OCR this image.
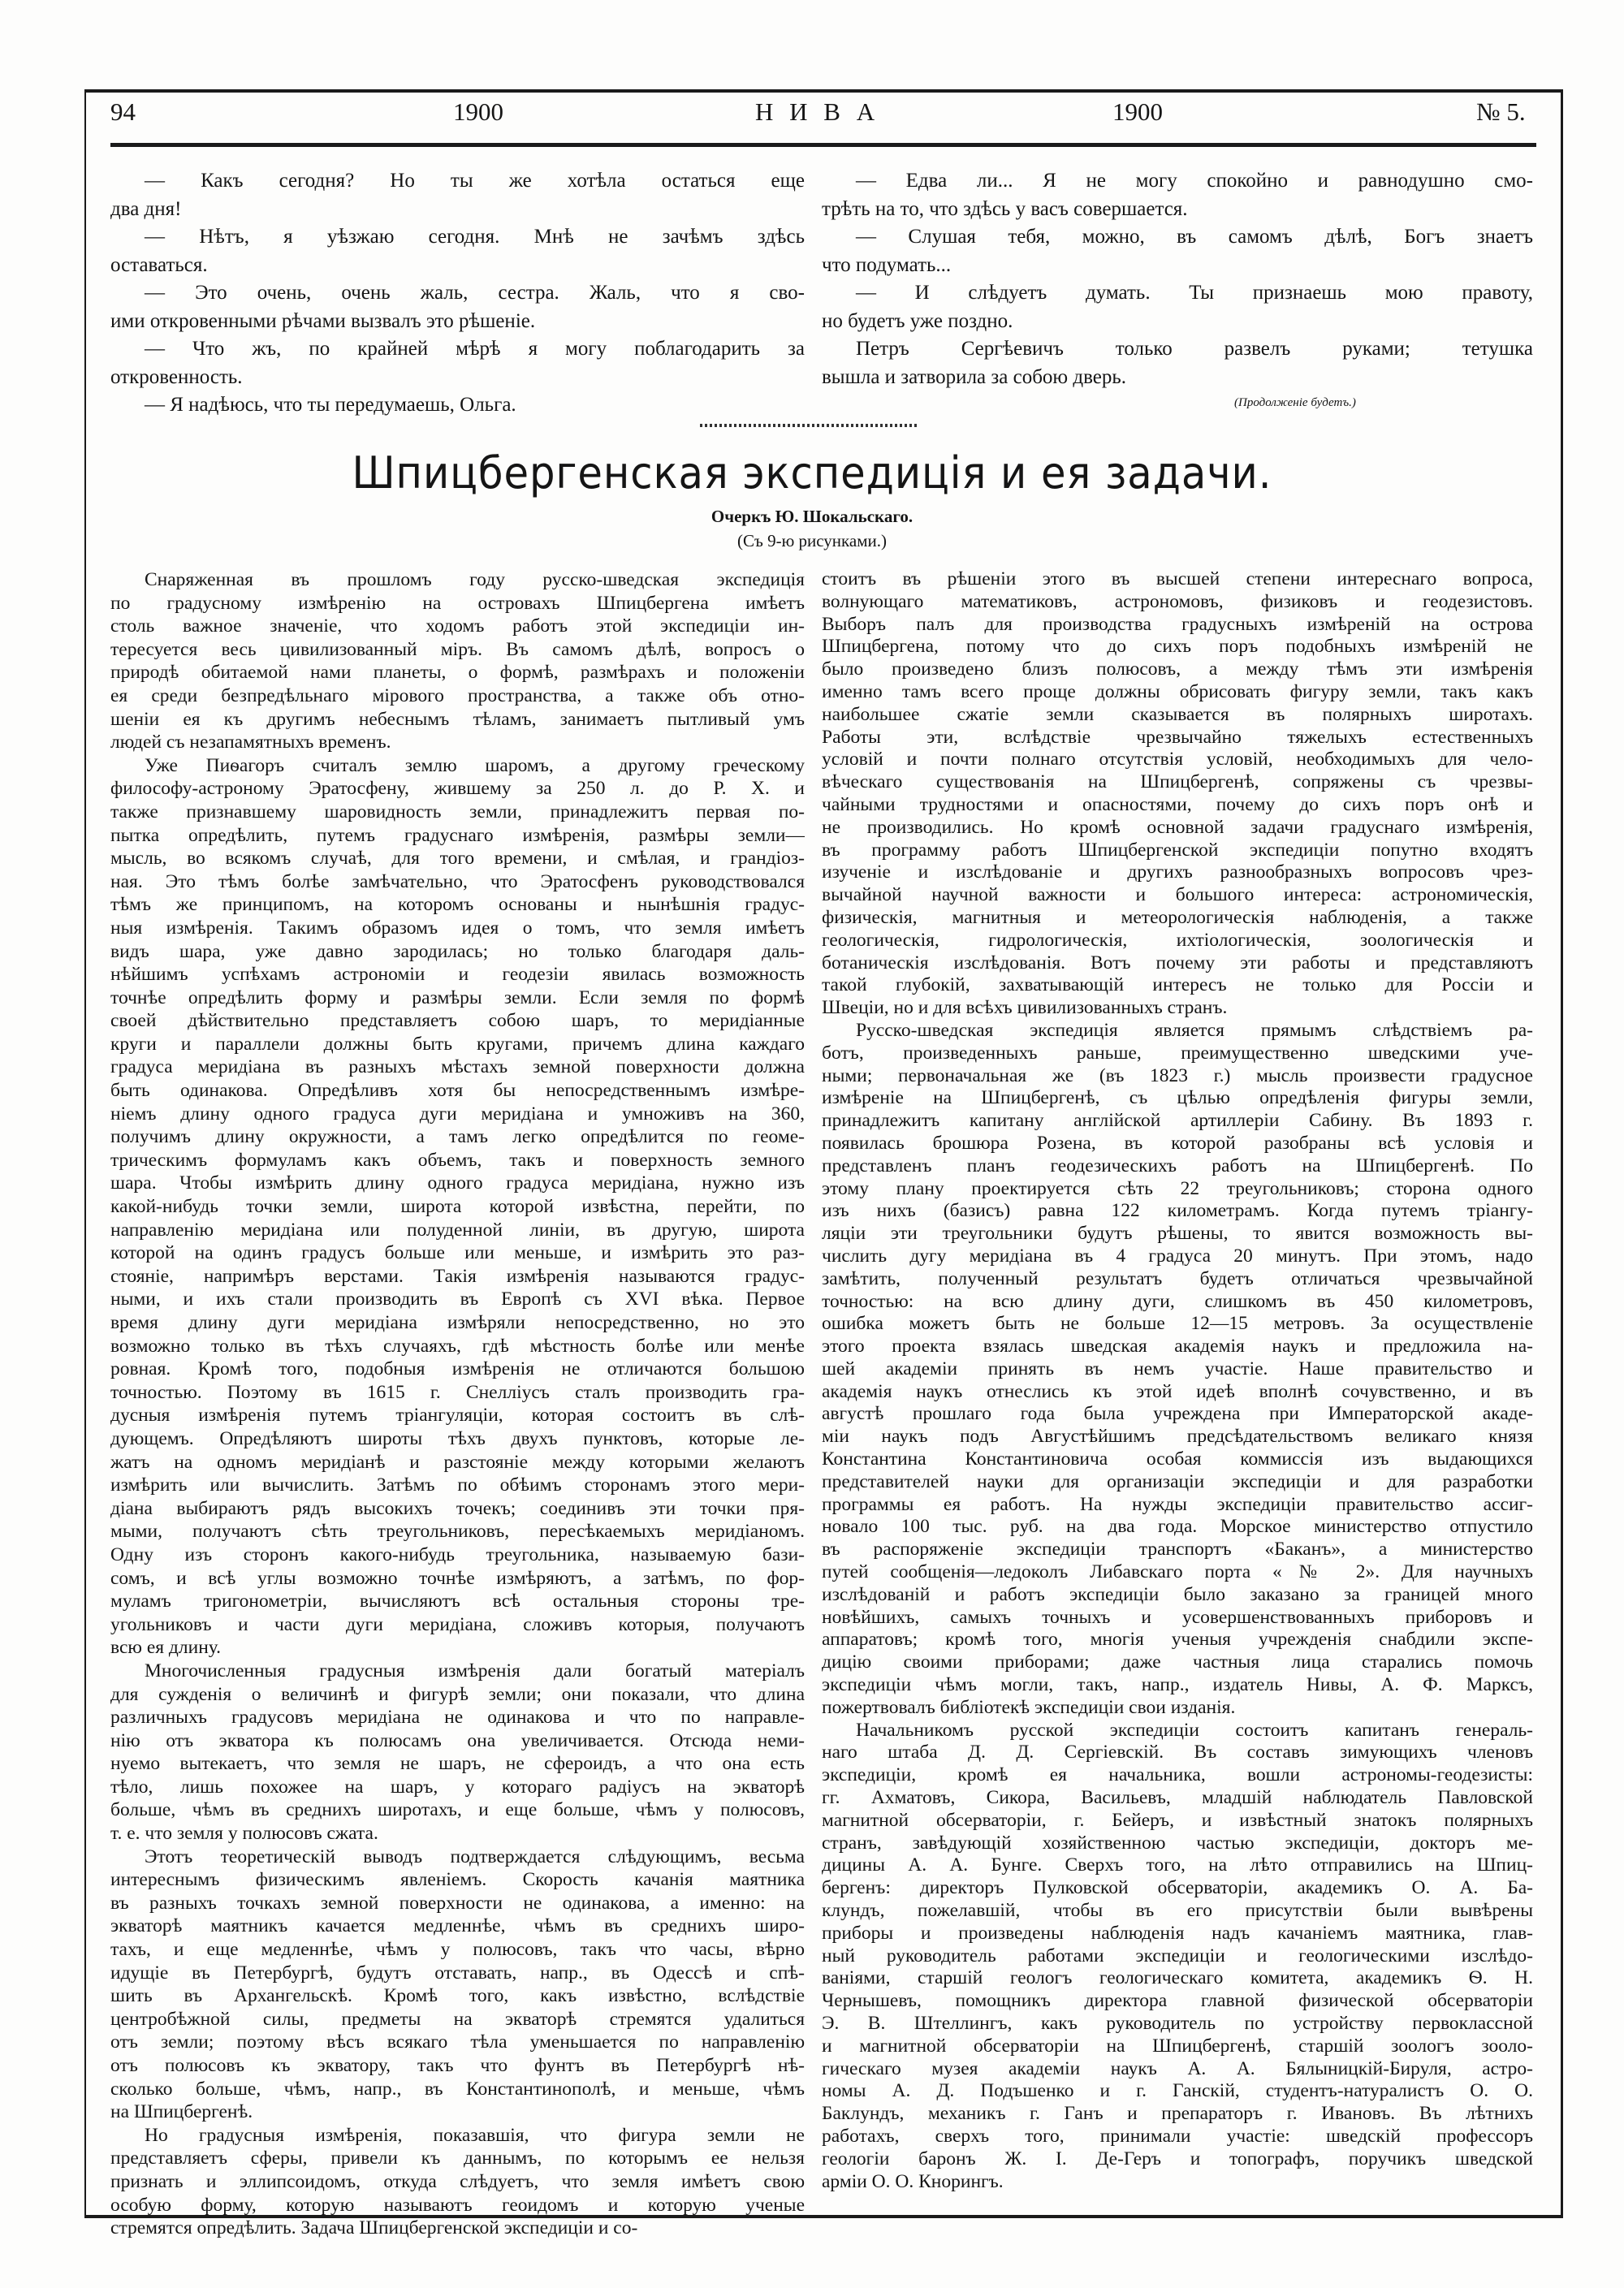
94	1900	Н И В А	1900	№ 5.
— Какъ сегодня? Но ты же хотѣла остаться еще
два дня!
— Нѣтъ, я уѣзжаю сегодня. Мнѣ не зачѣмъ здѣсь
оставаться.
— Это очень, очень жаль, сестра. Жаль, что я сво-
ими откровенными рѣчами вызвалъ это рѣшеніе.
— Что жъ, по крайней мѣрѣ я могу поблагодарить за
откровенность.
— Я надѣюсь, что ты передумаешь, Ольга.
— Едва ли... Я не могу спокойно и равнодушно смо-
трѣть на то, что здѣсь у васъ совершается.
— Слушая тебя, можно, въ самомъ дѣлѣ, Богъ знаетъ
что подумать...
— И слѣдуетъ думать. Ты признаешь мою правоту,
но будетъ уже поздно.
Петръ Сергѣевичъ только развелъ руками; тетушка
вышла и затворила за собою дверь.
(Продолженіе будетъ.)
Шпицбергенская экспедиція и ея задачи.
Очеркъ Ю. Шокальскаго.
(Съ 9-ю рисунками.)
Снаряженная въ прошломъ году русско-шведская экспедиція
по градусному измѣренію на островахъ Шпицбергена имѣетъ
столь важное значеніе, что ходомъ работъ этой экспедиціи ин-
тересуется весь цивилизованный міръ. Въ самомъ дѣлѣ, вопросъ о
природѣ обитаемой нами планеты, о формѣ, размѣрахъ и положеніи
ея среди безпредѣльнаго мірового пространства, а также объ отно-
шеніи ея къ другимъ небеснымъ тѣламъ, занимаетъ пытливый умъ
людей съ незапамятныхъ временъ.
Уже Пиѳагоръ считалъ землю шаромъ, а другому греческому
философу-астроному Эратосфену, жившему за 250 л. до Р. Х. и
также признавшему шаровидность земли, принадлежитъ первая по-
пытка опредѣлить, путемъ градуснаго измѣренія, размѣры земли—
мысль, во всякомъ случаѣ, для того времени, и смѣлая, и грандіоз-
ная. Это тѣмъ болѣе замѣчательно, что Эратосфенъ руководствовался
тѣмъ же принципомъ, на которомъ основаны и нынѣшнія градус-
ныя измѣренія. Такимъ образомъ идея о томъ, что земля имѣетъ
видъ шара, уже давно зародилась; но только благодаря даль-
нѣйшимъ успѣхамъ астрономіи и геодезіи явилась возможность
точнѣе опредѣлить форму и размѣры земли. Если земля по формѣ
своей дѣйствительно представляетъ собою шаръ, то меридіанные
круги и параллели должны быть кругами, причемъ длина каждаго
градуса меридіана въ разныхъ мѣстахъ земной поверхности должна
быть одинакова. Опредѣливъ хотя бы непосредственнымъ измѣре-
ніемъ длину одного градуса дуги меридіана и умноживъ на 360,
получимъ длину окружности, а тамъ легко опредѣлится по геоме-
трическимъ формуламъ какъ объемъ, такъ и поверхность земного
шара. Чтобы измѣрить длину одного градуса меридіана, нужно изъ
какой-нибудь точки земли, широта которой извѣстна, перейти, по
направленію меридіана или полуденной линіи, въ другую, широта
которой на одинъ градусъ больше или меньше, и измѣрить это раз-
стояніе, напримѣръ верстами. Такія измѣренія называются градус-
ными, и ихъ стали производить въ Европѣ съ XVI вѣка. Первое
время длину дуги меридіана измѣряли непосредственно, но это
возможно только въ тѣхъ случаяхъ, гдѣ мѣстность болѣе или менѣе
ровная. Кромѣ того, подобныя измѣренія не отличаются большою
точностью. Поэтому въ 1615 г. Снелліусъ сталъ производить гра-
дусныя измѣренія путемъ тріангуляціи, которая состоитъ въ слѣ-
дующемъ. Опредѣляютъ широты тѣхъ двухъ пунктовъ, которые ле-
жатъ на одномъ меридіанѣ и разстояніе между которыми желаютъ
измѣрить или вычислить. Затѣмъ по обѣимъ сторонамъ этого мери-
діана выбираютъ рядъ высокихъ точекъ; соединивъ эти точки пря-
мыми, получаютъ сѣть треугольниковъ, пересѣкаемыхъ меридіаномъ.
Одну изъ сторонъ какого-нибудь треугольника, называемую бази-
сомъ, и всѣ углы возможно точнѣе измѣряютъ, а затѣмъ, по фор-
муламъ тригонометріи, вычисляютъ всѣ остальныя стороны тре-
угольниковъ и части дуги меридіана, сложивъ которыя, получаютъ
всю ея длину.
Многочисленныя градусныя измѣренія дали богатый матеріалъ
для сужденія о величинѣ и фигурѣ земли; они показали, что длина
различныхъ градусовъ меридіана не одинакова и что по направле-
нію отъ экватора къ полюсамъ она увеличивается. Отсюда неми-
нуемо вытекаетъ, что земля не шаръ, не сфероидъ, а что она есть
тѣло, лишь похожее на шаръ, у котораго радіусъ на экваторѣ
больше, чѣмъ въ среднихъ широтахъ, и еще больше, чѣмъ у полюсовъ,
т. е. что земля у полюсовъ сжата.
Этотъ теоретическій выводъ подтверждается слѣдующимъ, весьма
интереснымъ физическимъ явленіемъ. Скорость качанія маятника
въ разныхъ точкахъ земной поверхности не одинакова, а именно: на
экваторѣ маятникъ качается медленнѣе, чѣмъ въ среднихъ широ-
тахъ, и еще медленнѣе, чѣмъ у полюсовъ, такъ что часы, вѣрно
идущіе въ Петербургѣ, будутъ отставать, напр., въ Одессѣ и спѣ-
шить въ Архангельскѣ. Кромѣ того, какъ извѣстно, вслѣдствіе
центробѣжной силы, предметы на экваторѣ стремятся удалиться
отъ земли; поэтому вѣсъ всякаго тѣла уменьшается по направленію
отъ полюсовъ къ экватору, такъ что фунтъ въ Петербургѣ нѣ-
сколько больше, чѣмъ, напр., въ Константинополѣ, и меньше, чѣмъ
на Шпицбергенѣ.
Но градусныя измѣренія, показавшія, что фигура земли не
представляетъ сферы, привели къ даннымъ, по которымъ ее нельзя
признать и эллипсоидомъ, откуда слѣдуетъ, что земля имѣетъ свою
особую форму, которую называютъ геоидомъ и которую ученые
стремятся опредѣлить. Задача Шпицбергенской экспедиціи и со-
стоитъ въ рѣшеніи этого въ высшей степени интереснаго вопроса,
волнующаго математиковъ, астрономовъ, физиковъ и геодезистовъ.
Выборъ палъ для производства градусныхъ измѣреній на острова
Шпицбергена, потому что до сихъ поръ подобныхъ измѣреній не
было произведено близъ полюсовъ, а между тѣмъ эти измѣренія
именно тамъ всего проще должны обрисовать фигуру земли, такъ какъ
наибольшее сжатіе земли сказывается въ полярныхъ широтахъ.
Работы эти, вслѣдствіе чрезвычайно тяжелыхъ естественныхъ
условій и почти полнаго отсутствія условій, необходимыхъ для чело-
вѣческаго существованія на Шпицбергенѣ, сопряжены съ чрезвы-
чайными трудностями и опасностями, почему до сихъ поръ онѣ и
не производились. Но кромѣ основной задачи градуснаго измѣренія,
въ программу работъ Шпицбергенской экспедиціи попутно входятъ
изученіе и изслѣдованіе и другихъ разнообразныхъ вопросовъ чрез-
вычайной научной важности и большого интереса: астрономическія,
физическія, магнитныя и метеорологическія наблюденія, а также
геологическія, гидрологическія, ихтіологическія, зоологическія и
ботаническія изслѣдованія. Вотъ почему эти работы и представляютъ
такой глубокій, захватывающій интересъ не только для Россіи и
Швеціи, но и для всѣхъ цивилизованныхъ странъ.
Русско-шведская экспедиція является прямымъ слѣдствіемъ ра-
ботъ, произведенныхъ раньше, преимущественно шведскими уче-
ными; первоначальная же (въ 1823 г.) мысль произвести градусное
измѣреніе на Шпицбергенѣ, съ цѣлью опредѣленія фигуры земли,
принадлежитъ капитану англійской артиллеріи Сабину. Въ 1893 г.
появилась брошюра Розена, въ которой разобраны всѣ условія и
представленъ планъ геодезическихъ работъ на Шпицбергенѣ. По
этому плану проектируется сѣть 22 треугольниковъ; сторона одного
изъ нихъ (базисъ) равна 122 километрамъ. Когда путемъ тріангу-
ляціи эти треугольники будутъ рѣшены, то явится возможность вы-
числить дугу меридіана въ 4 градуса 20 минутъ. При этомъ, надо
замѣтить, полученный результатъ будетъ отличаться чрезвычайной
точностью: на всю длину дуги, слишкомъ въ 450 километровъ,
ошибка можетъ быть не больше 12—15 метровъ. За осуществленіе
этого проекта взялась шведская академія наукъ и предложила на-
шей академіи принять въ немъ участіе. Наше правительство и
академія наукъ отнеслись къ этой идеѣ вполнѣ сочувственно, и въ
августѣ прошлаго года была учреждена при Императорской акаде-
міи наукъ подъ Августѣйшимъ предсѣдательствомъ великаго князя
Константина Константиновича особая коммиссія изъ выдающихся
представителей науки для организаціи экспедиціи и для разработки
программы ея работъ. На нужды экспедиціи правительство ассиг-
новало 100 тыс. руб. на два года. Морское министерство отпустило
въ распоряженіе экспедиціи транспортъ «Баканъ», а министерство
путей сообщенія—ледоколъ Либавскаго порта «№ 2». Для научныхъ
изслѣдованій и работъ экспедиціи было заказано за границей много
новѣйшихъ, самыхъ точныхъ и усовершенствованныхъ приборовъ и
аппаратовъ; кромѣ того, многія ученыя учрежденія снабдили экспе-
дицію своими приборами; даже частныя лица старались помочь
экспедиціи чѣмъ могли, такъ, напр., издатель Нивы, А. Ф. Марксъ,
пожертвовалъ библіотекѣ экспедиціи свои изданія.
Начальникомъ русской экспедиціи состоитъ капитанъ генераль-
наго штаба Д. Д. Сергіевскій. Въ составъ зимующихъ членовъ
экспедиціи, кромѣ ея начальника, вошли астрономы-геодезисты:
гг. Ахматовъ, Сикора, Васильевъ, младшій наблюдатель Павловской
магнитной обсерваторіи, г. Бейеръ, и извѣстный знатокъ полярныхъ
странъ, завѣдующій хозяйственною частью экспедиціи, докторъ ме-
дицины А. А. Бунге. Сверхъ того, на лѣто отправились на Шпиц-
бергенъ: директоръ Пулковской обсерваторіи, академикъ О. А. Ба-
клундъ, пожелавшій, чтобы въ его присутствіи были вывѣрены
приборы и произведены наблюденія надъ качаніемъ маятника, глав-
ный руководитель работами экспедиціи и геологическими изслѣдо-
ваніями, старшій геологъ геологическаго комитета, академикъ Ѳ. Н.
Чернышевъ, помощникъ директора главной физической обсерваторіи
Э. В. Штеллингъ, какъ руководитель по устройству первоклассной
и магнитной обсерваторіи на Шпицбергенѣ, старшій зоологъ зооло-
гическаго музея академіи наукъ А. А. Бялыницкій-Бируля, астро-
номы А. Д. Подъшенко и г. Ганскій, студентъ-натуралистъ О. О.
Баклундъ, механикъ г. Ганъ и препараторъ г. Ивановъ. Въ лѣтнихъ
работахъ, сверхъ того, принимали участіе: шведскій профессоръ
геологіи баронъ Ж. І. Де-Геръ и топографъ, поручикъ шведской
арміи О. О. Кнорингъ.
